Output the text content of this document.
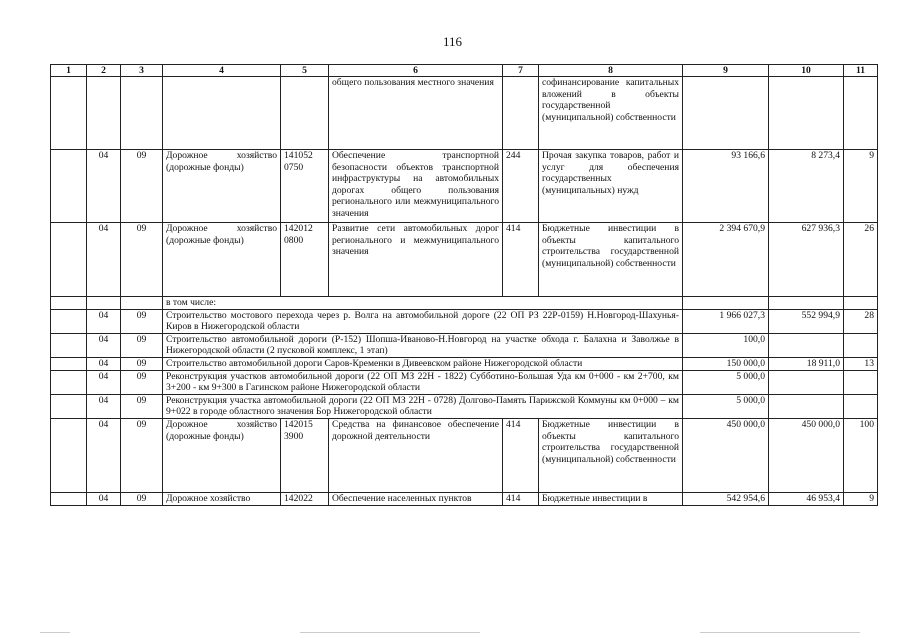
116
1	2	3	4	5	6	7	8	9	10	11
					общего пользования местного значения		софинансирование капитальных вложений в объекты государственной (муниципальной) собственности			
	04	09	Дорожное хозяйство (дорожные фонды)	141052 0750	Обеспечение транспортной безопасности объектов транспортной инфраструктуры на автомобильных дорогах общего пользования регионального или межмуниципального значения	244	Прочая закупка товаров, работ и услуг для обеспечения государственных (муниципальных) нужд	93 166,6	8 273,4	9
	04	09	Дорожное хозяйство (дорожные фонды)	142012 0800	Развитие сети автомобильных дорог регионального и межмуниципального значения	414	Бюджетные инвестиции в объекты капитального строительства государственной (муниципальной) собственности	2 394 670,9	627 936,3	26
			в том числе:							
	04	09	Строительство мостового перехода через р. Волга на автомобильной дороге (22 ОП РЗ 22Р-0159) Н.Новгород-Шахунья-Киров в Нижегородской области					1 966 027,3	552 994,9	28
	04	09	Строительство автомобильной дороги (Р-152) Шопша-Иваново-Н.Новгород на участке обхода г. Балахна и Заволжье в Нижегородской области (2 пусковой комплекс, 1 этап)					100,0		
	04	09	Строительство автомобильной дороги Саров-Кременки в Дивеевском районе Нижегородской области					150 000,0	18 911,0	13
	04	09	Реконструкция участков автомобильной дороги (22 ОП МЗ 22Н - 1822) Субботино-Большая Уда км 0+000 - км 2+700, км 3+200 - км 9+300 в Гагинском районе Нижегородской области					5 000,0		
	04	09	Реконструкция участка автомобильной дороги (22 ОП МЗ 22Н - 0728) Долгово-Память Парижской Коммуны км 0+000 – км 9+022 в городе областного значения Бор Нижегородской области					5 000,0		
	04	09	Дорожное хозяйство (дорожные фонды)	142015 3900	Средства на финансовое обеспечение дорожной деятельности	414	Бюджетные инвестиции в объекты капитального строительства государственной (муниципальной) собственности	450 000,0	450 000,0	100
	04	09	Дорожное хозяйство	142022	Обеспечение населенных пунктов	414	Бюджетные инвестиции в	542 954,6	46 953,4	9
